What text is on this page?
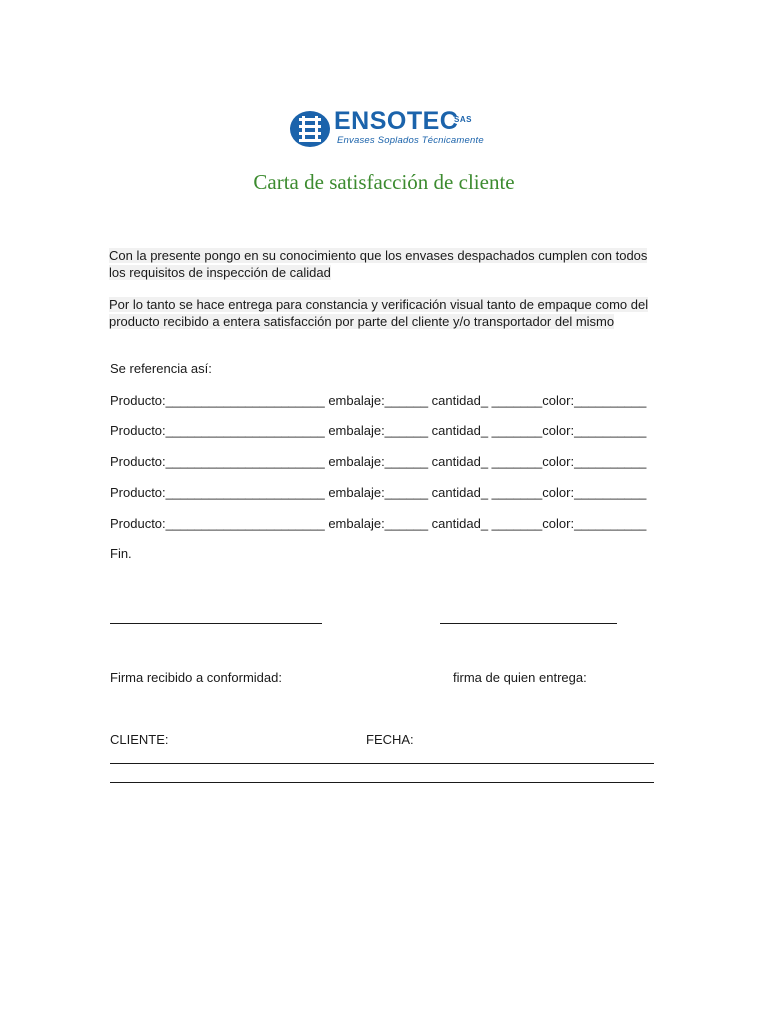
ENSOTEC
SAS
Envases Soplados Técnicamente
Carta de satisfacción de cliente
Con la presente pongo en su conocimiento que los envases despachados cumplen con todos los requisitos de inspección de calidad
Por lo tanto se hace entrega para constancia y verificación visual tanto de empaque como del producto recibido a entera satisfacción por parte del cliente y/o transportador del mismo
Se referencia así:
Producto:______________________ embalaje:______ cantidad_ _______color:__________
Producto:______________________ embalaje:______ cantidad_ _______color:__________
Producto:______________________ embalaje:______ cantidad_ _______color:__________
Producto:______________________ embalaje:______ cantidad_ _______color:__________
Producto:______________________ embalaje:______ cantidad_ _______color:__________
Fin.
Firma recibido a conformidad:	firma de quien entrega:
CLIENTE:	FECHA:
